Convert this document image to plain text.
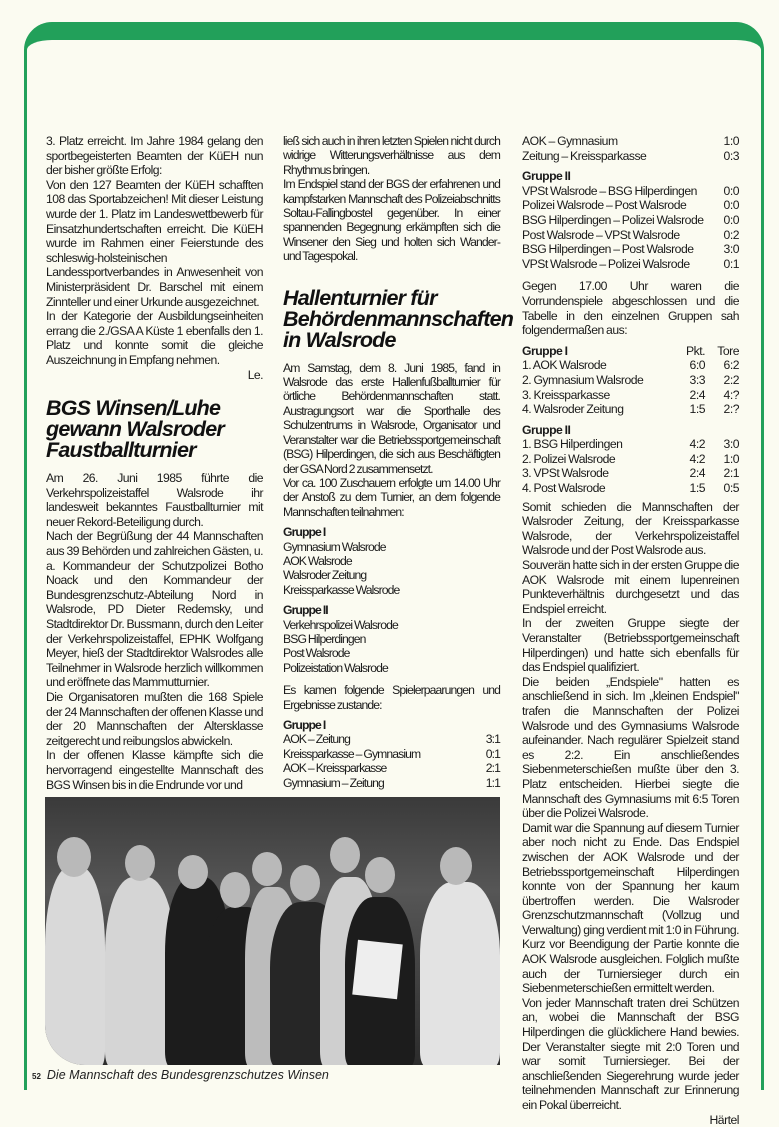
3. Platz erreicht. Im Jahre 1984 gelang den sportbegeisterten Beamten der KüEH nun der bisher größte Erfolg:

Von den 127 Beamten der KüEH schafften 108 das Sportabzeichen! Mit dieser Leistung wurde der 1. Platz im Landeswettbewerb für Einsatzhundertschaften erreicht. Die KüEH wurde im Rahmen einer Feierstunde des schleswig-holsteinischen Landessportverbandes in Anwesenheit von Ministerpräsident Dr. Barschel mit einem Zinnteller und einer Urkunde ausgezeichnet.

In der Kategorie der Ausbildungseinheiten errang die 2./GSA A Küste 1 ebenfalls den 1. Platz und konnte somit die gleiche Auszeichnung in Empfang nehmen.

Le.
BGS Winsen/Luhe gewann Walsroder Faustballturnier

Am 26. Juni 1985 führte die Verkehrspolizeistaffel Walsrode ihr landesweit bekanntes Faustballturnier mit neuer Rekord-Beteiligung durch.

Nach der Begrüßung der 44 Mannschaften aus 39 Behörden und zahlreichen Gästen, u. a. Kommandeur der Schutzpolizei Botho Noack und den Kommandeur der Bundesgrenzschutz-Abteilung Nord in Walsrode, PD Dieter Redemsky, und Stadtdirektor Dr. Bussmann, durch den Leiter der Verkehrspolizeistaffel, EPHK Wolfgang Meyer, hieß der Stadtdirektor Walsrodes alle Teilnehmer in Walsrode herzlich willkommen und eröffnete das Mammutturnier.

Die Organisatoren mußten die 168 Spiele der 24 Mannschaften der offenen Klasse und der 20 Mannschaften der Altersklasse zeitgerecht und reibungslos abwickeln.

In der offenen Klasse kämpfte sich die hervorragend eingestellte Mannschaft des BGS Winsen bis in die Endrunde vor und

ließ sich auch in ihren letzten Spielen nicht durch widrige Witterungsverhältnisse aus dem Rhythmus bringen.

Im Endspiel stand der BGS der erfahrenen und kampfstarken Mannschaft des Polizeiabschnitts Soltau-Fallingbostel gegenüber. In einer spannenden Begegnung erkämpften sich die Winsener den Sieg und holten sich Wander- und Tagespokal.

Hallenturnier für Behördenmannschaften in Walsrode

Am Samstag, dem 8. Juni 1985, fand in Walsrode das erste Hallenfußballturnier für örtliche Behördenmannschaften statt. Austragungsort war die Sporthalle des Schulzentrums in Walsrode, Organisator und Veranstalter war die Betriebssportgemeinschaft (BSG) Hilperdingen, die sich aus Beschäftigten der GSA Nord 2 zusammensetzt.

Vor ca. 100 Zuschauern erfolgte um 14.00 Uhr der Anstoß zu dem Turnier, an dem folgende Mannschaften teilnahmen:

Gruppe I
Gymnasium Walsrode
AOK Walsrode
Walsroder Zeitung
Kreissparkasse Walsrode
Gruppe II
Verkehrspolizei Walsrode
BSG Hilperdingen
Post Walsrode
Polizeistation Walsrode

Es kamen folgende Spielerpaarungen und Ergebnisse zustande:

Gruppe I
AOK – Zeitung	3:1
Kreissparkasse – Gymnasium	0:1
AOK – Kreissparkasse	2:1
Gymnasium – Zeitung	1:1
AOK – Gymnasium	1:0
Zeitung – Kreissparkasse	0:3
Gruppe II
VPSt Walsrode – BSG Hilperdingen	0:0
Polizei Walsrode – Post Walsrode	0:0
BSG Hilperdingen – Polizei Walsrode	0:0
Post Walsrode – VPSt Walsrode	0:2
BSG Hilperdingen – Post Walsrode	3:0
VPSt Walsrode – Polizei Walsrode	0:1

Gegen 17.00 Uhr waren die Vorrundenspiele abgeschlossen und die Tabelle in den einzelnen Gruppen sah folgendermaßen aus:

Gruppe I	Pkt.	Tore
1. AOK Walsrode	6:0	6:2
2. Gymnasium Walsrode	3:3	2:2
3. Kreissparkasse	2:4	4:?
4. Walsroder Zeitung	1:5	2:?
Gruppe II
1. BSG Hilperdingen	4:2	3:0
2. Polizei Walsrode	4:2	1:0
3. VPSt Walsrode	2:4	2:1
4. Post Walsrode	1:5	0:5

Somit schieden die Mannschaften der Walsroder Zeitung, der Kreissparkasse Walsrode, der Verkehrspolizeistaffel Walsrode und der Post Walsrode aus.

Souverän hatte sich in der ersten Gruppe die AOK Walsrode mit einem lupenreinen Punkteverhältnis durchgesetzt und das Endspiel erreicht.

In der zweiten Gruppe siegte der Veranstalter (Betriebssportgemeinschaft Hilperdingen) und hatte sich ebenfalls für das Endspiel qualifiziert.

Die beiden „Endspiele" hatten es anschließend in sich. Im „kleinen Endspiel" trafen die Mannschaften der Polizei Walsrode und des Gymnasiums Walsrode aufeinander. Nach regulärer Spielzeit stand es 2:2. Ein anschließendes Siebenmeterschießen mußte über den 3. Platz entscheiden. Hierbei siegte die Mannschaft des Gymnasiums mit 6:5 Toren über die Polizei Walsrode.

Damit war die Spannung auf diesem Turnier aber noch nicht zu Ende. Das Endspiel zwischen der AOK Walsrode und der Betriebssportgemeinschaft Hilperdingen konnte von der Spannung her kaum übertroffen werden. Die Walsroder Grenzschutzmannschaft (Vollzug und Verwaltung) ging verdient mit 1:0 in Führung. Kurz vor Beendigung der Partie konnte die AOK Walsrode ausgleichen. Folglich mußte auch der Turniersieger durch ein Siebenmeterschießen ermittelt werden.

Von jeder Mannschaft traten drei Schützen an, wobei die Mannschaft der BSG Hilperdingen die glücklichere Hand bewies. Der Veranstalter siegte mit 2:0 Toren und war somit Turniersieger. Bei der anschließenden Siegerehrung wurde jeder teilnehmenden Mannschaft zur Erinnerung ein Pokal überreicht.

Härtel
52 Die Mannschaft des Bundesgrenzschutzes Winsen
